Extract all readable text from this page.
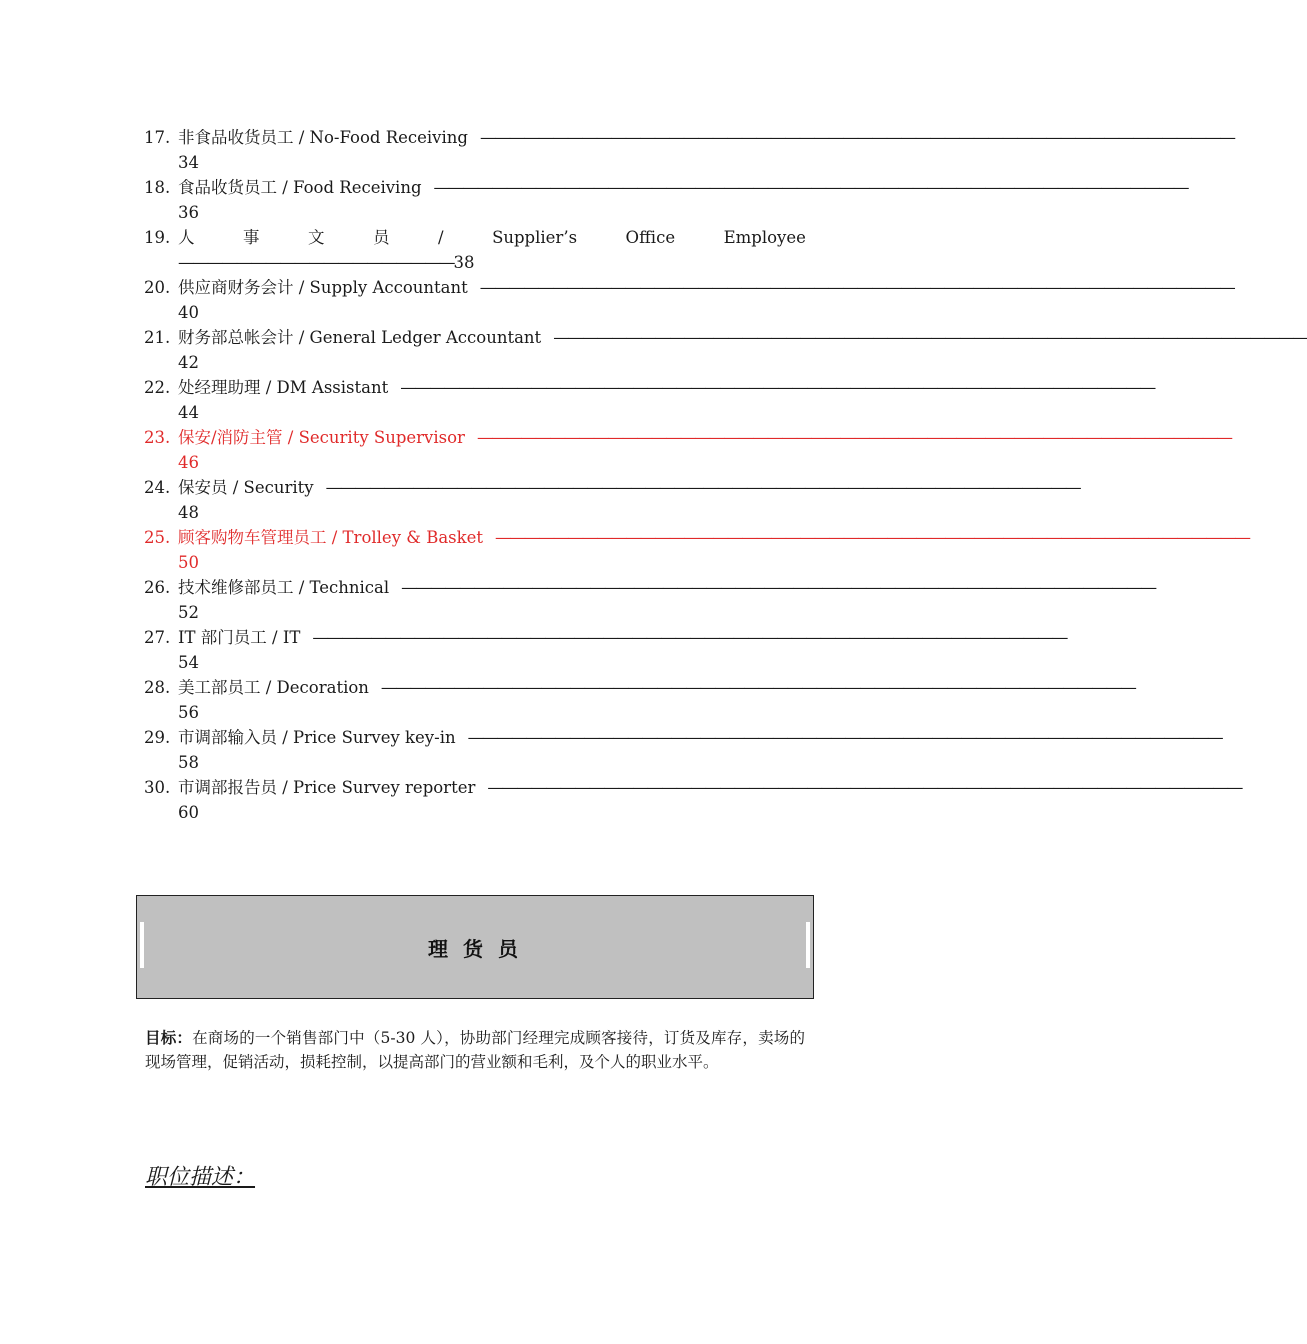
17. 非食品收货员工 / No-Food Receiving ————————————————————————————————————————————————————
34
18. 食品收货员工 / Food Receiving ————————————————————————————————————————————————————
36
19. 人	事	文	员	/	Supplier’s	Office	Employee
———————————————————38
20. 供应商财务会计 / Supply Accountant ————————————————————————————————————————————————————
40
21. 财务部总帐会计 / General Ledger Accountant ————————————————————————————————————————————————————
42
22. 处经理助理 / DM Assistant ————————————————————————————————————————————————————
44
23. 保安/消防主管 / Security Supervisor ————————————————————————————————————————————————————
46
24. 保安员 / Security ————————————————————————————————————————————————————
48
25. 顾客购物车管理员工 / Trolley & Basket ————————————————————————————————————————————————————
50
26. 技术维修部员工 / Technical ————————————————————————————————————————————————————
52
27. IT 部门员工 / IT ————————————————————————————————————————————————————
54
28. 美工部员工 / Decoration ————————————————————————————————————————————————————
56
29. 市调部输入员 / Price Survey key-in ————————————————————————————————————————————————————
58
30. 市调部报告员 / Price Survey reporter ————————————————————————————————————————————————————
60
理 货 员
目标：在商场的一个销售部门中（5-30 人），协助部门经理完成顾客接待，订货及库存，卖场的现场管理，促销活动，损耗控制，以提高部门的营业额和毛利，及个人的职业水平。
职位描述：
